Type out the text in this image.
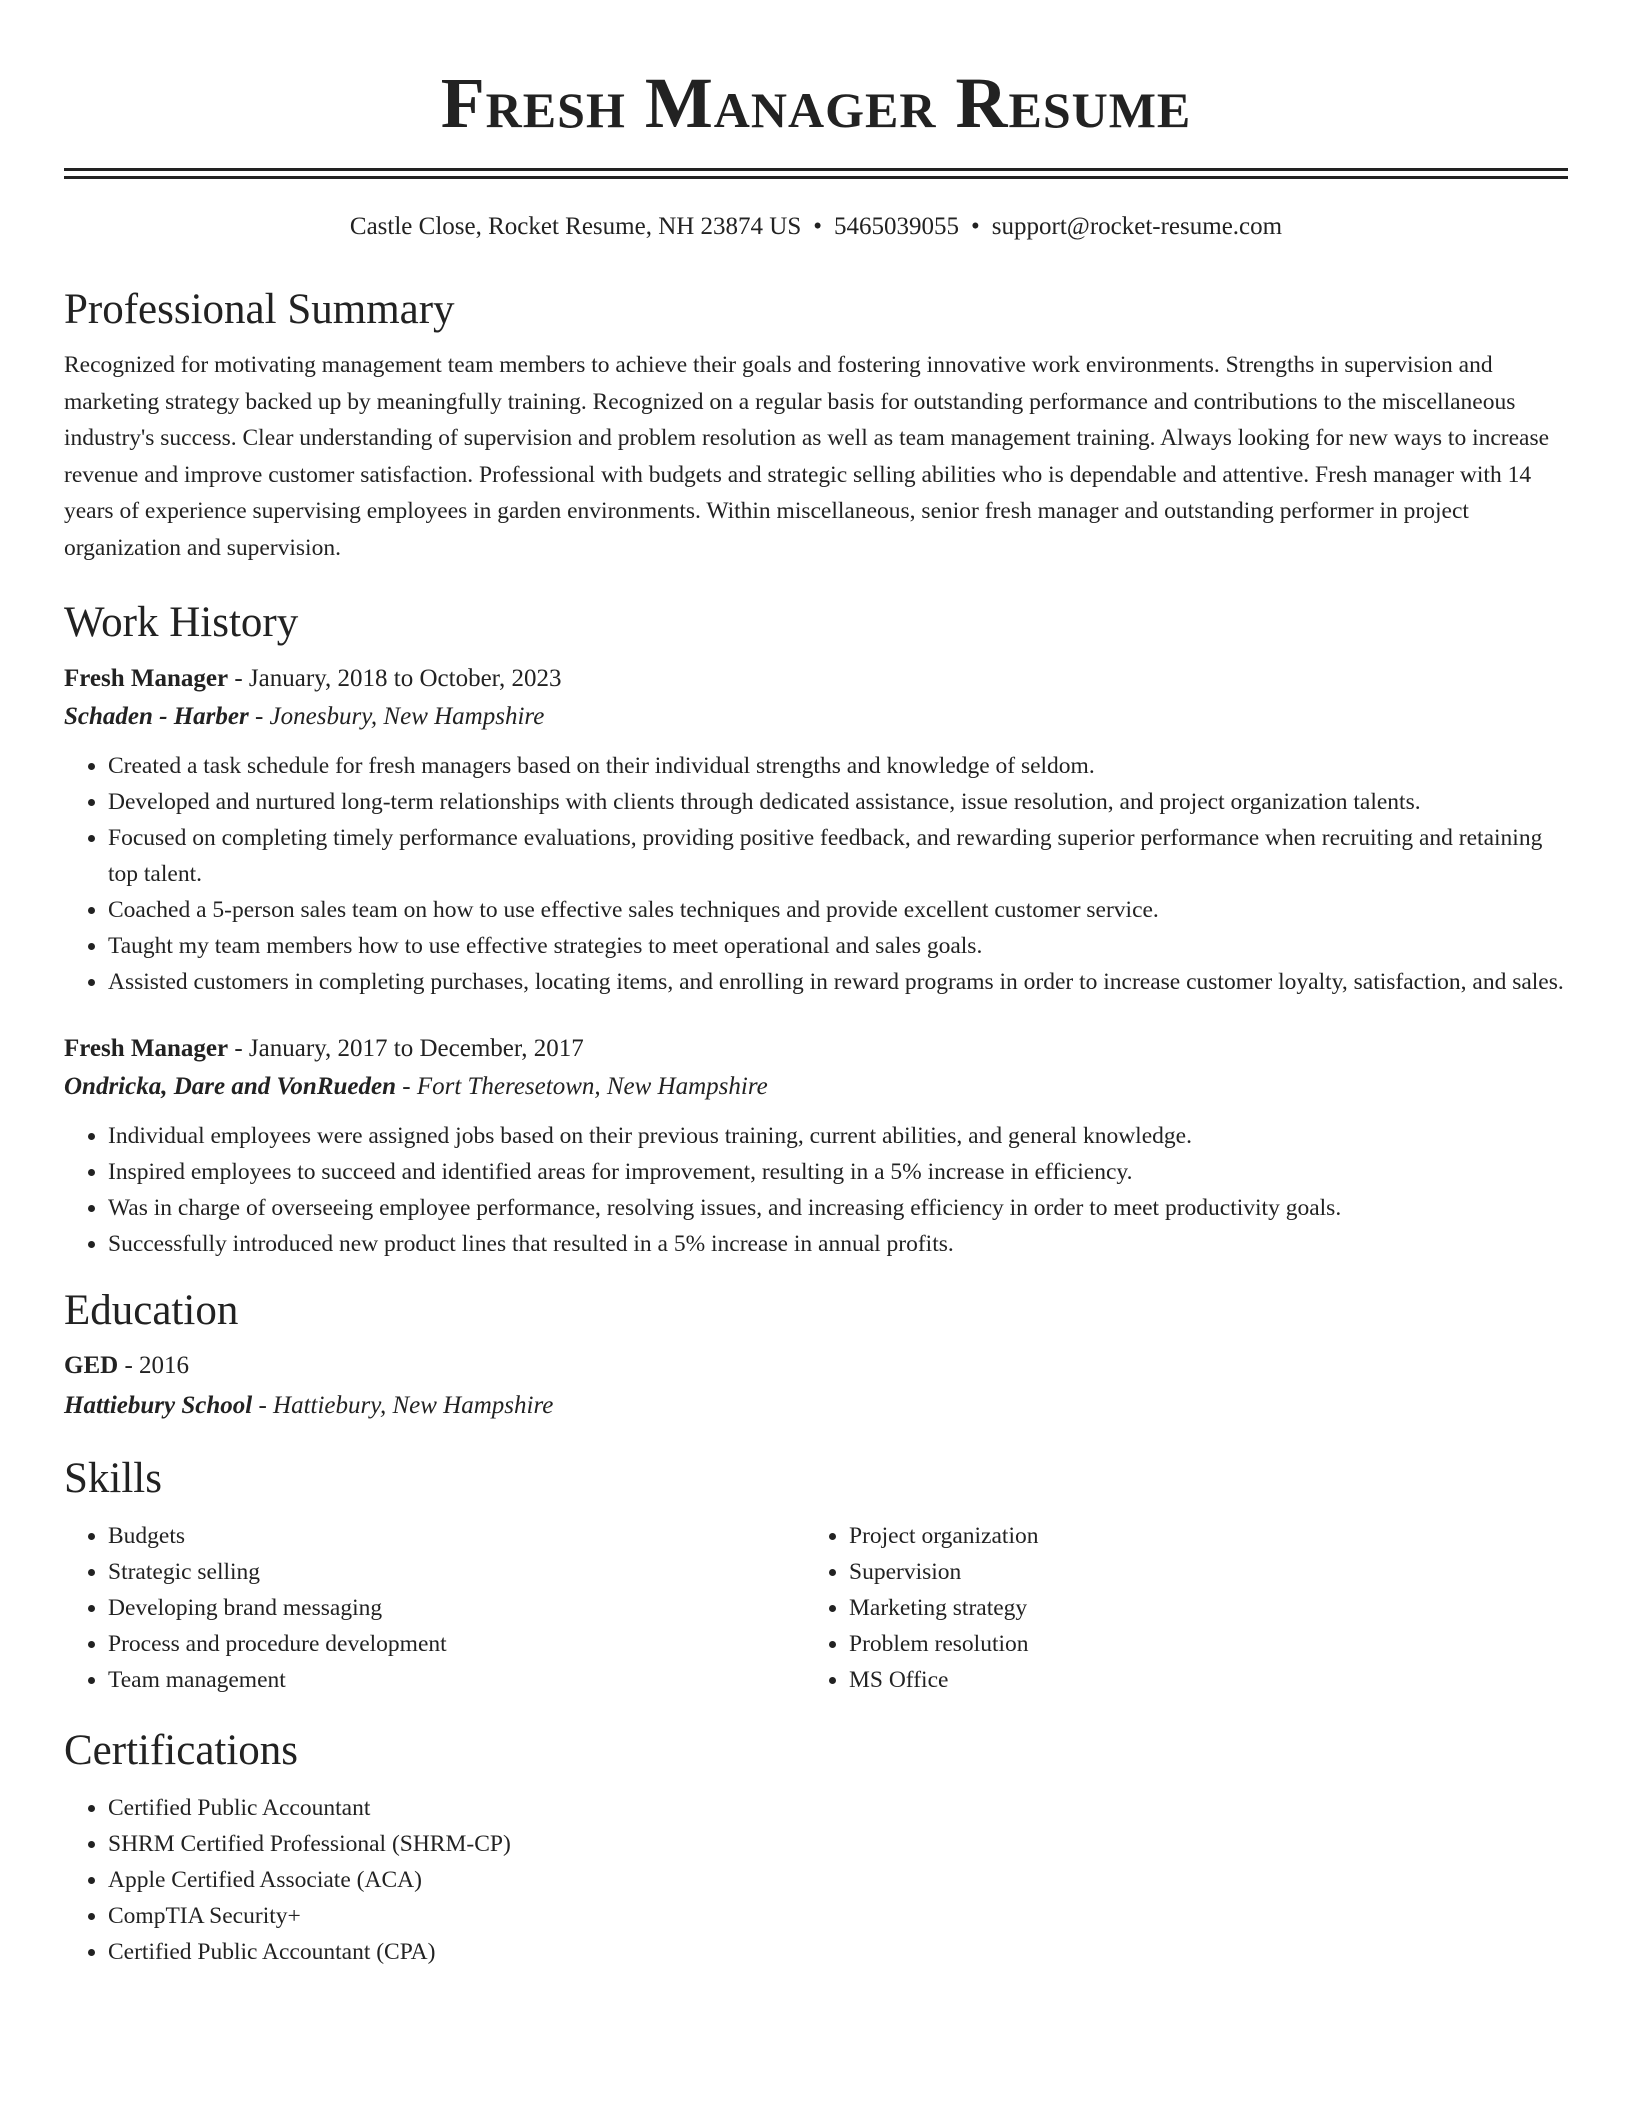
Fresh Manager Resume
Castle Close, Rocket Resume, NH 23874 US • 5465039055 • support@rocket-resume.com
Professional Summary

Recognized for motivating management team members to achieve their goals and fostering innovative work environments. Strengths in supervision and marketing strategy backed up by meaningfully training. Recognized on a regular basis for outstanding performance and contributions to the miscellaneous industry's success. Clear understanding of supervision and problem resolution as well as team management training. Always looking for new ways to increase revenue and improve customer satisfaction. Professional with budgets and strategic selling abilities who is dependable and attentive. Fresh manager with 14 years of experience supervising employees in garden environments. Within miscellaneous, senior fresh manager and outstanding performer in project organization and supervision.

Work History
Fresh Manager - January, 2018 to October, 2023
Schaden - Harber - Jonesbury, New Hampshire
• Created a task schedule for fresh managers based on their individual strengths and knowledge of seldom.
• Developed and nurtured long-term relationships with clients through dedicated assistance, issue resolution, and project organization talents.
• Focused on completing timely performance evaluations, providing positive feedback, and rewarding superior performance when recruiting and retaining top talent.
• Coached a 5-person sales team on how to use effective sales techniques and provide excellent customer service.
• Taught my team members how to use effective strategies to meet operational and sales goals.
• Assisted customers in completing purchases, locating items, and enrolling in reward programs in order to increase customer loyalty, satisfaction, and sales.
Fresh Manager - January, 2017 to December, 2017
Ondricka, Dare and VonRueden - Fort Theresetown, New Hampshire
• Individual employees were assigned jobs based on their previous training, current abilities, and general knowledge.
• Inspired employees to succeed and identified areas for improvement, resulting in a 5% increase in efficiency.
• Was in charge of overseeing employee performance, resolving issues, and increasing efficiency in order to meet productivity goals.
• Successfully introduced new product lines that resulted in a 5% increase in annual profits.
Education
GED - 2016
Hattiebury School - Hattiebury, New Hampshire
Skills
• Budgets
• Strategic selling
• Developing brand messaging
• Process and procedure development
• Team management
• Project organization
• Supervision
• Marketing strategy
• Problem resolution
• MS Office
Certifications
• Certified Public Accountant
• SHRM Certified Professional (SHRM-CP)
• Apple Certified Associate (ACA)
• CompTIA Security+
• Certified Public Accountant (CPA)
